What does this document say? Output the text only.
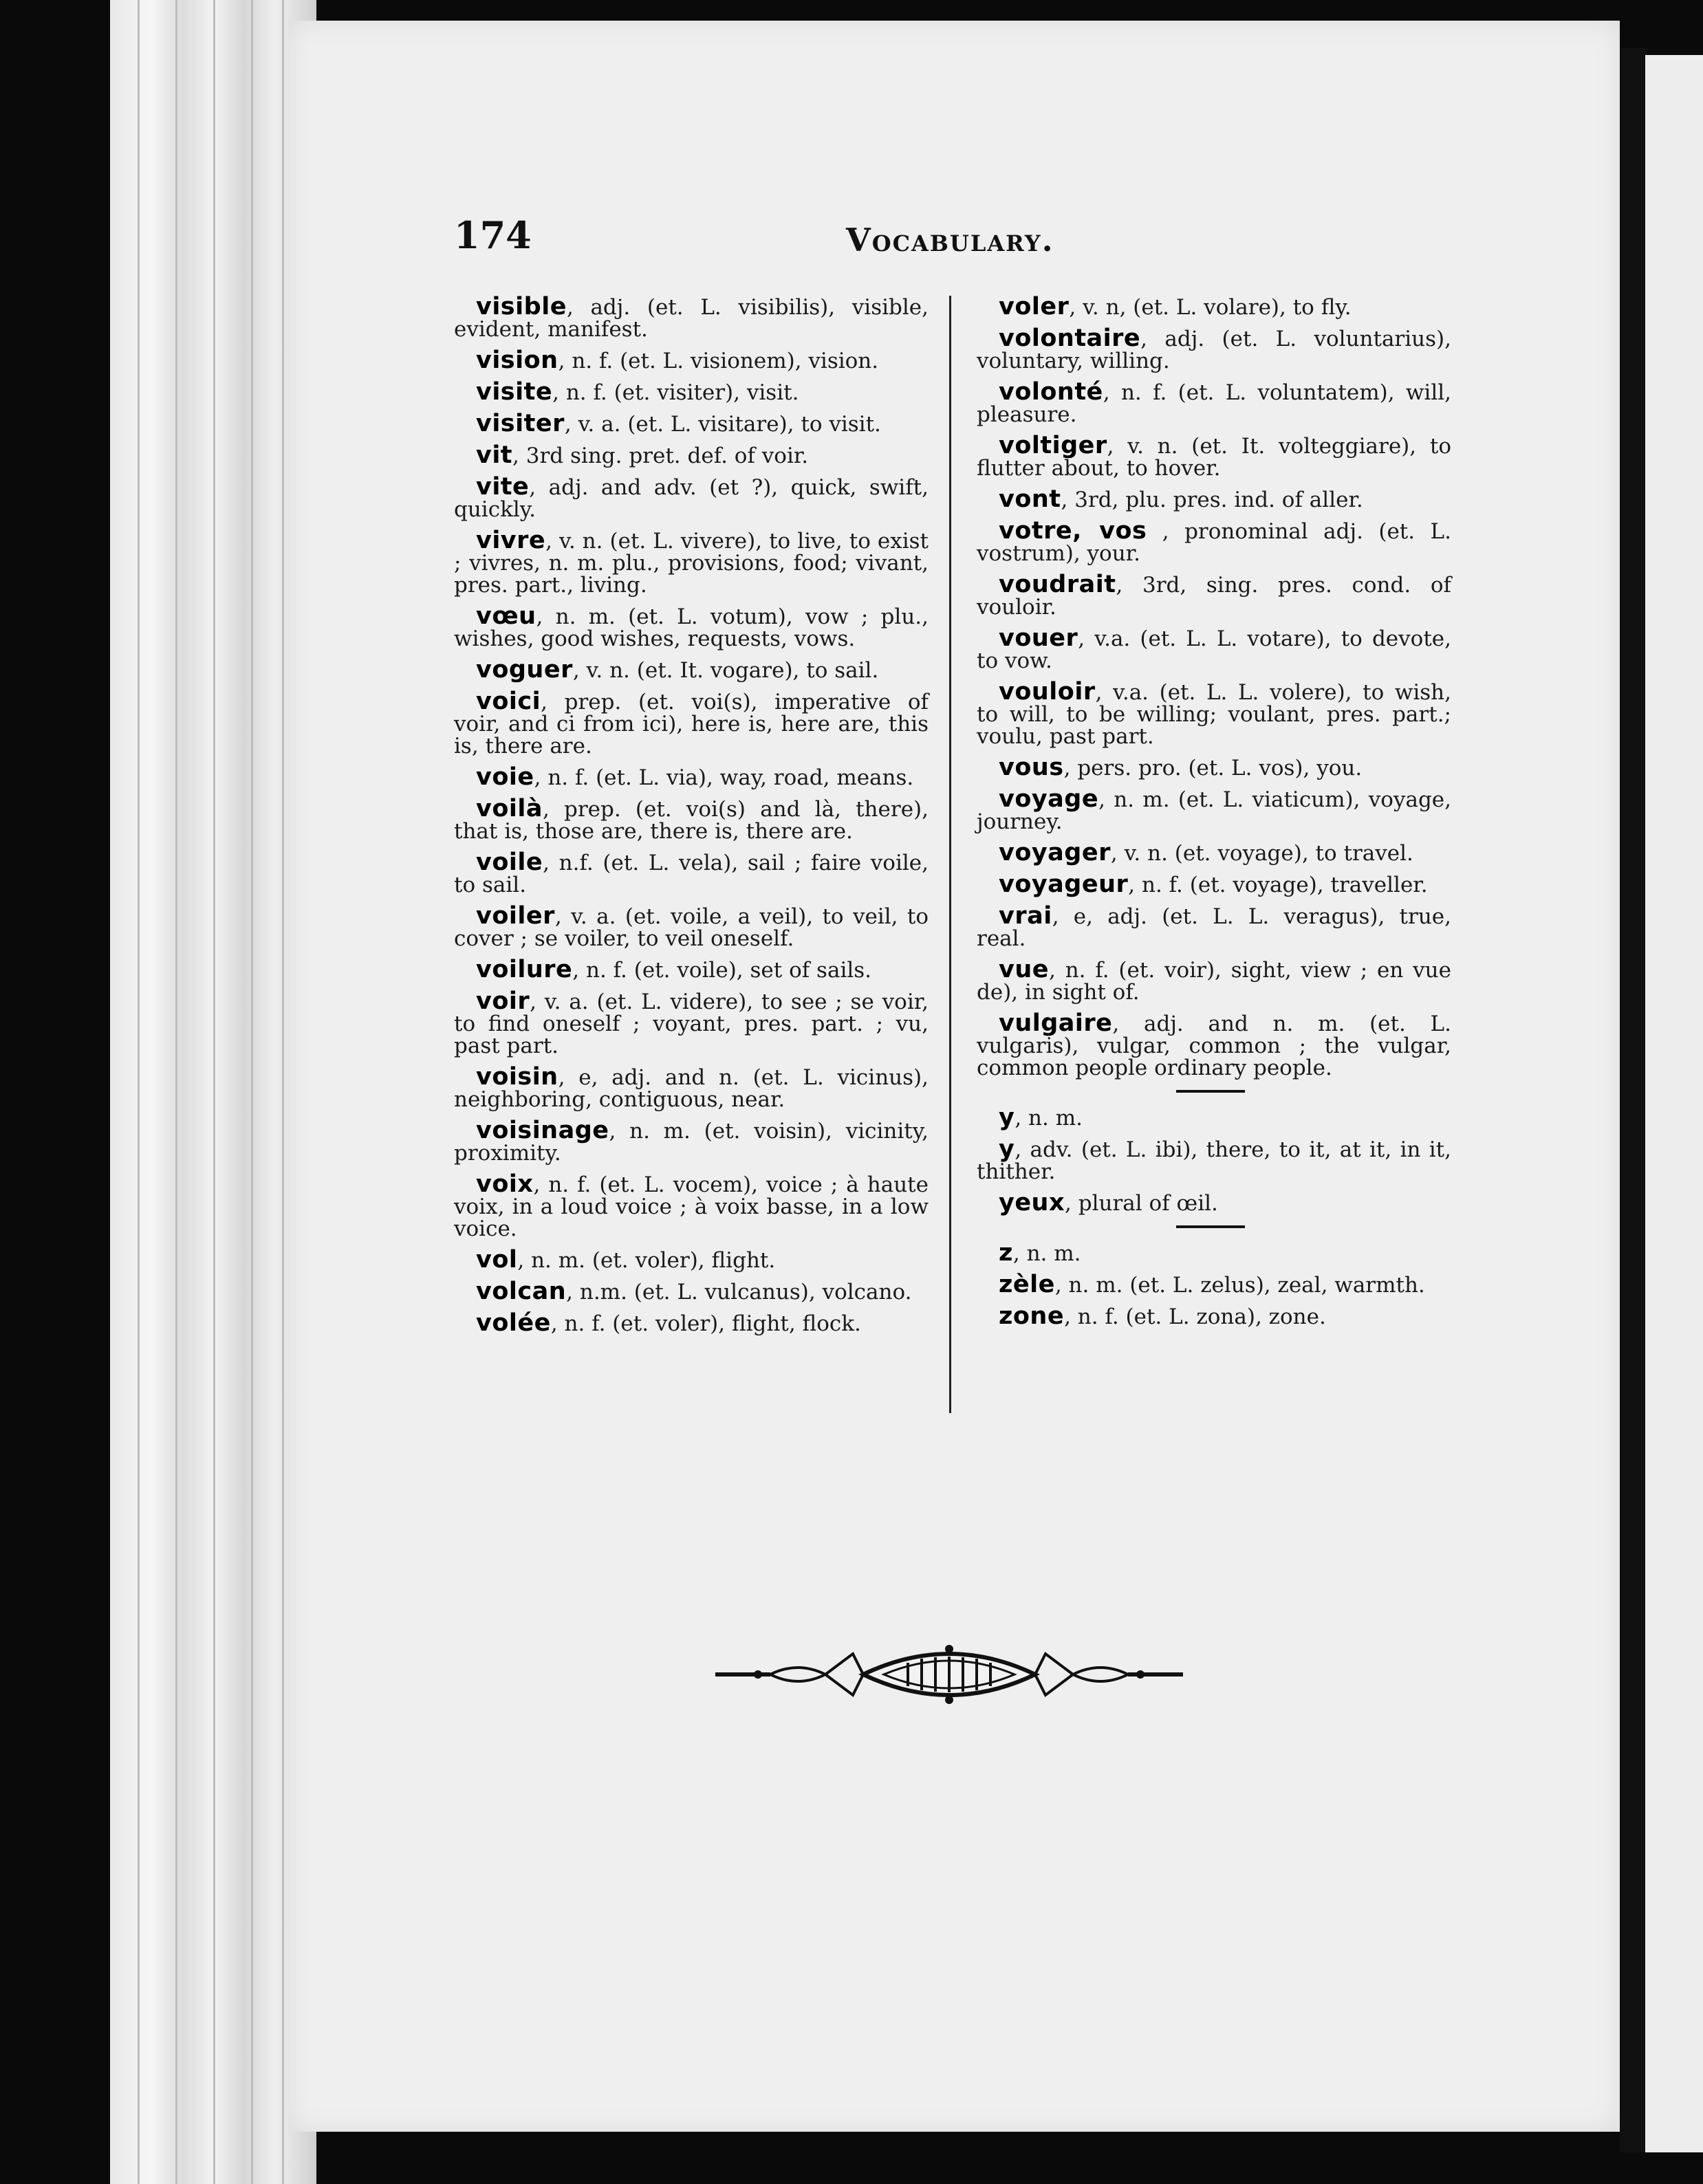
174	Vocabulary.

visible, adj. (et. L. visibilis), visible, evident, manifest.

vision, n. f. (et. L. visionem), vision.

visite, n. f. (et. visiter), visit.

visiter, v. a. (et. L. visitare), to visit.

vit, 3rd sing. pret. def. of voir.

vite, adj. and adv. (et ?), quick, swift, quickly.

vivre, v. n. (et. L. vivere), to live, to exist ; vivres, n. m. plu., provisions, food; vivant, pres. part., living.

vœu, n. m. (et. L. votum), vow ; plu., wishes, good wishes, requests, vows.

voguer, v. n. (et. It. vogare), to sail.

voici, prep. (et. voi(s), imperative of voir, and ci from ici), here is, here are, this is, there are.

voie, n. f. (et. L. via), way, road, means.

voilà, prep. (et. voi(s) and là, there), that is, those are, there is, there are.

voile, n.f. (et. L. vela), sail ; faire voile, to sail.

voiler, v. a. (et. voile, a veil), to veil, to cover ; se voiler, to veil oneself.

voilure, n. f. (et. voile), set of sails.

voir, v. a. (et. L. videre), to see ; se voir, to find oneself ; voyant, pres. part. ; vu, past part.

voisin, e, adj. and n. (et. L. vicinus), neighboring, contiguous, near.

voisinage, n. m. (et. voisin), vicinity, proximity.

voix, n. f. (et. L. vocem), voice ; à haute voix, in a loud voice ; à voix basse, in a low voice.

vol, n. m. (et. voler), flight.

volcan, n.m. (et. L. vulcanus), volcano.

volée, n. f. (et. voler), flight, flock.

voler, v. n, (et. L. volare), to fly.

volontaire, adj. (et. L. voluntarius), voluntary, willing.

volonté, n. f. (et. L. voluntatem), will, pleasure.

voltiger, v. n. (et. It. volteggiare), to flutter about, to hover.

vont, 3rd, plu. pres. ind. of aller.

votre, vos , pronominal adj. (et. L. vostrum), your.

voudrait, 3rd, sing. pres. cond. of vouloir.

vouer, v.a. (et. L. L. votare), to devote, to vow.

vouloir, v.a. (et. L. L. volere), to wish, to will, to be willing; voulant, pres. part.; voulu, past part.

vous, pers. pro. (et. L. vos), you.

voyage, n. m. (et. L. viaticum), voyage, journey.

voyager, v. n. (et. voyage), to travel.

voyageur, n. f. (et. voyage), traveller.

vrai, e, adj. (et. L. L. veragus), true, real.

vue, n. f. (et. voir), sight, view ; en vue de), in sight of.

vulgaire, adj. and n. m. (et. L. vulgaris), vulgar, common ; the vulgar, common people ordinary people.

y, n. m.

y, adv. (et. L. ibi), there, to it, at it, in it, thither.

yeux, plural of œil.

z, n. m.

zèle, n. m. (et. L. zelus), zeal, warmth.

zone, n. f. (et. L. zona), zone.
